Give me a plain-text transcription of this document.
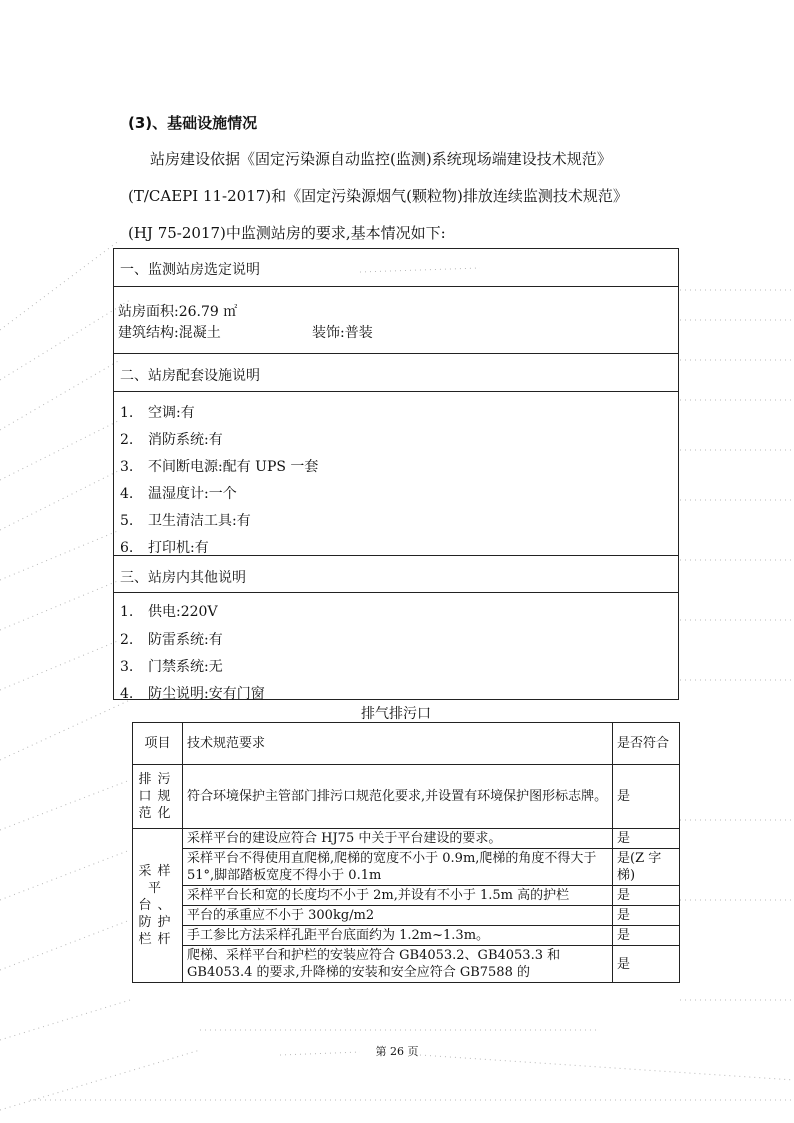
(3)、基础设施情况
站房建设依据《固定污染源自动监控(监测)系统现场端建设技术规范》
(T/CAEPI 11-2017)和《固定污染源烟气(颗粒物)排放连续监测技术规范》
(HJ 75-2017)中监测站房的要求,基本情况如下:
一、监测站房选定说明
站房面积:26.79 ㎡
建筑结构:混凝土	装饰:普装
二、站房配套设施说明
1. 空调:有
2. 消防系统:有
3. 不间断电源:配有 UPS 一套
4. 温湿度计:一个
5. 卫生清洁工具:有
6. 打印机:有
三、站房内其他说明
1. 供电:220V
2. 防雷系统:有
3. 门禁系统:无
4. 防尘说明:安有门窗
排气排污口
项目	技术规范要求	是否符合
排污口规范化	符合环境保护主管部门排污口规范化要求,并设置有环境保护图形标志牌。	是
采样平台、防护栏杆	采样平台的建设应符合 HJ75 中关于平台建设的要求。	是
	采样平台不得使用直爬梯,爬梯的宽度不小于 0.9m,爬梯的角度不得大于 51°,脚部踏板宽度不得小于 0.1m	是(Z 字梯)
	采样平台长和宽的长度均不小于 2m,并设有不小于 1.5m 高的护栏	是
	平台的承重应不小于 300kg/m2	是
	手工参比方法采样孔距平台底面约为 1.2m~1.3m。	是
	爬梯、采样平台和护栏的安装应符合 GB4053.2、GB4053.3 和 GB4053.4 的要求,升降梯的安装和安全应符合 GB7588 的	是
第 26 页
